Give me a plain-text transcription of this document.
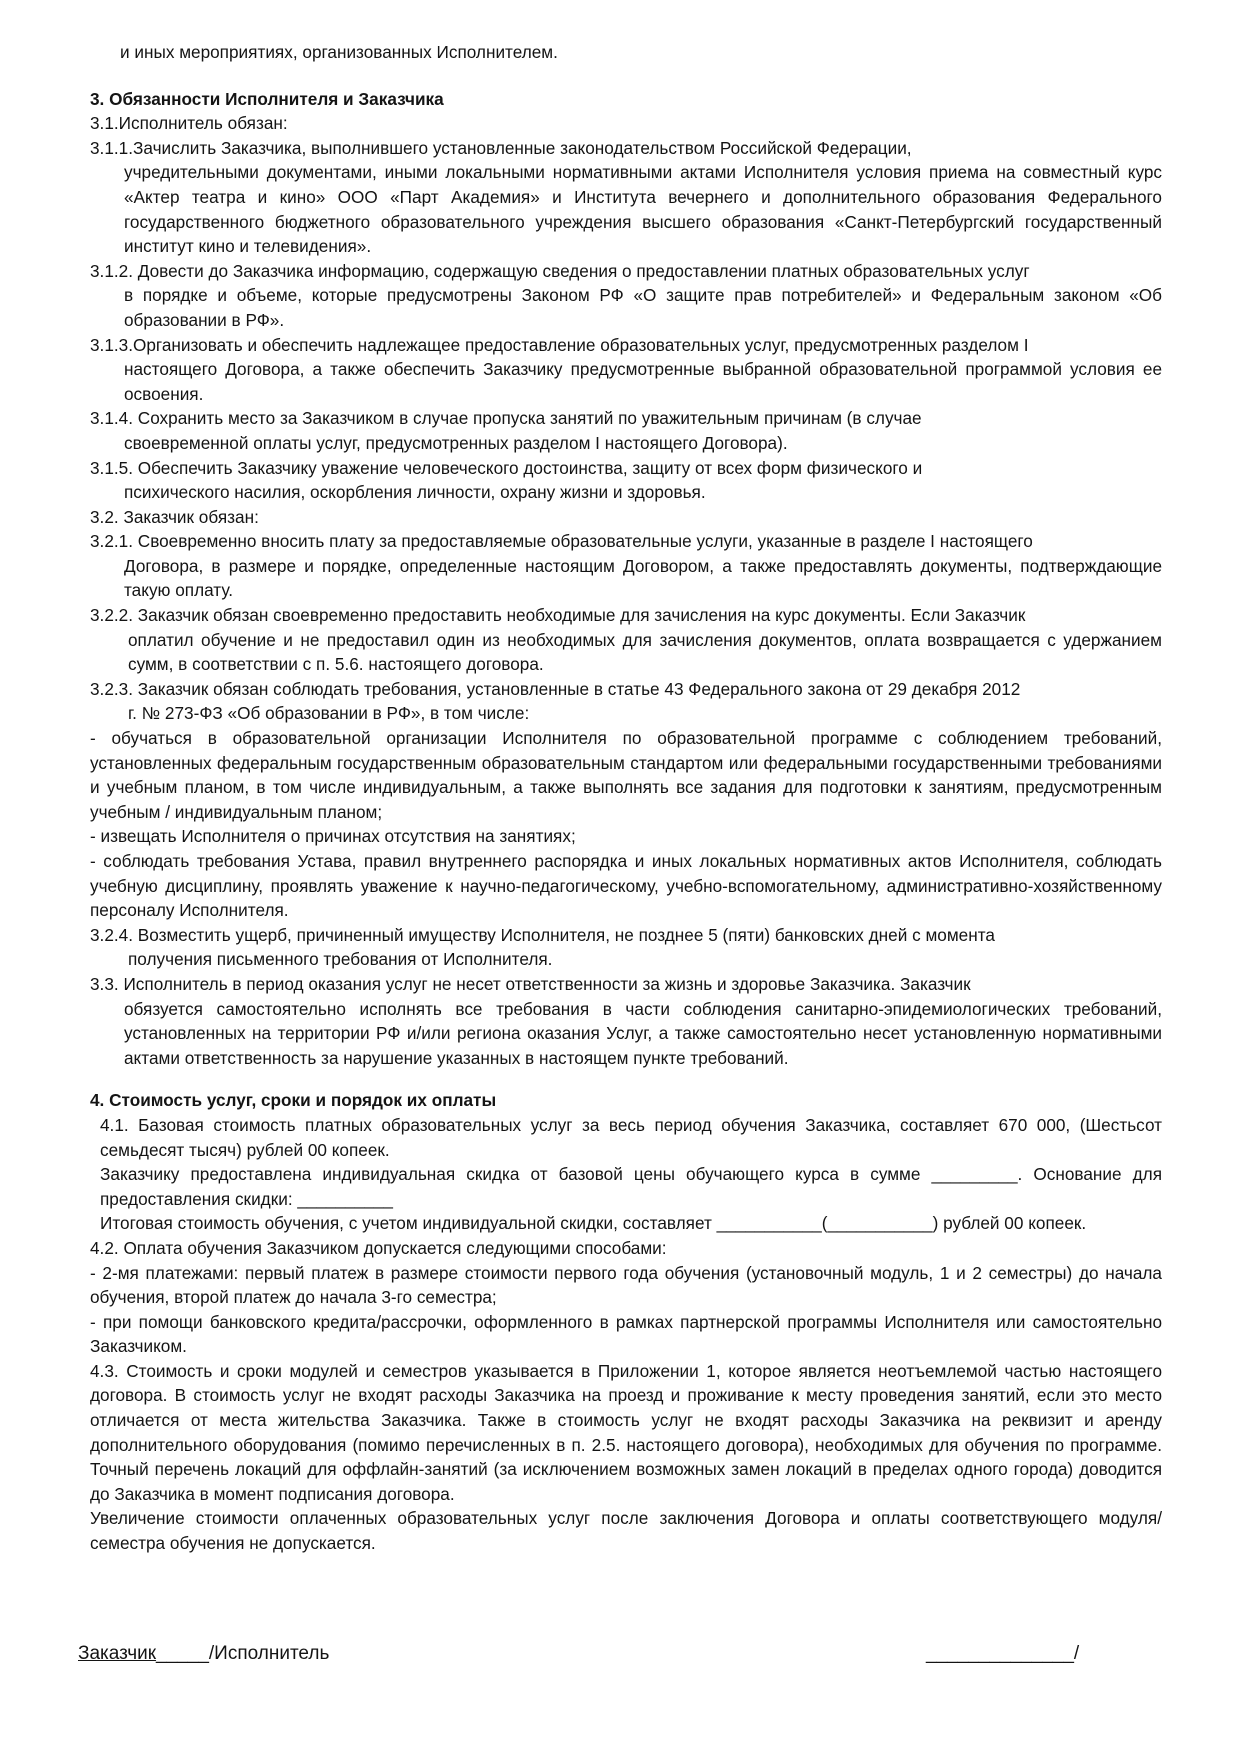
и иных мероприятиях, организованных Исполнителем.

3. Обязанности Исполнителя и Заказчика

3.1.Исполнитель обязан:

3.1.1.Зачислить Заказчика, выполнившего установленные законодательством Российской Федерации,

учредительными документами, иными локальными нормативными актами Исполнителя условия приема на совместный курс «Актер театра и кино» ООО «Парт Академия» и Института вечернего и дополнительного образования Федерального государственного бюджетного образовательного учреждения высшего образования «Санкт-Петербургский государственный институт кино и телевидения».

3.1.2. Довести до Заказчика информацию, содержащую сведения о предоставлении платных образовательных услуг

в порядке и объеме, которые предусмотрены Законом РФ «О защите прав потребителей» и Федеральным законом «Об образовании в РФ».

3.1.3.Организовать и обеспечить надлежащее предоставление образовательных услуг, предусмотренных разделом I

настоящего Договора, а также обеспечить Заказчику предусмотренные выбранной образовательной программой условия ее освоения.

3.1.4. Сохранить место за Заказчиком в случае пропуска занятий по уважительным причинам (в случае

своевременной оплаты услуг, предусмотренных разделом I настоящего Договора).

3.1.5. Обеспечить Заказчику уважение человеческого достоинства, защиту от всех форм физического и

психического насилия, оскорбления личности, охрану жизни и здоровья.

3.2. Заказчик обязан:

3.2.1. Своевременно вносить плату за предоставляемые образовательные услуги, указанные в разделе I настоящего

Договора, в размере и порядке, определенные настоящим Договором, а также предоставлять документы, подтверждающие такую оплату.

3.2.2. Заказчик обязан своевременно предоставить необходимые для зачисления на курс документы. Если Заказчик

оплатил обучение и не предоставил один из необходимых для зачисления документов, оплата возвращается с удержанием сумм, в соответствии с п. 5.6. настоящего договора.

3.2.3. Заказчик обязан соблюдать требования, установленные в статье 43 Федерального закона от 29 декабря 2012

г. № 273-ФЗ «Об образовании в РФ», в том числе:

- обучаться в образовательной организации Исполнителя по образовательной программе с соблюдением требований, установленных федеральным государственным образовательным стандартом или федеральными государственными требованиями и учебным планом, в том числе индивидуальным, а также выполнять все задания для подготовки к занятиям, предусмотренным учебным / индивидуальным планом;

- извещать Исполнителя о причинах отсутствия на занятиях;

- соблюдать требования Устава, правил внутреннего распорядка и иных локальных нормативных актов Исполнителя, соблюдать учебную дисциплину, проявлять уважение к научно-педагогическому, учебно-вспомогательному, административно-хозяйственному персоналу Исполнителя.

3.2.4. Возместить ущерб, причиненный имуществу Исполнителя, не позднее 5 (пяти) банковских дней с момента

получения письменного требования от Исполнителя.

3.3. Исполнитель в период оказания услуг не несет ответственности за жизнь и здоровье Заказчика. Заказчик

обязуется самостоятельно исполнять все требования в части соблюдения санитарно-эпидемиологических требований, установленных на территории РФ и/или региона оказания Услуг, а также самостоятельно несет установленную нормативными актами ответственность за нарушение указанных в настоящем пункте требований.

4. Стоимость услуг, сроки и порядок их оплаты

4.1. Базовая стоимость платных образовательных услуг за весь период обучения Заказчика, составляет 670 000, (Шестьсот семьдесят тысяч) рублей 00 копеек.

Заказчику предоставлена индивидуальная скидка от базовой цены обучающего курса в сумме _________. Основание для предоставления скидки: __________

Итоговая стоимость обучения, с учетом индивидуальной скидки, составляет ___________(___________) рублей 00 копеек.

4.2. Оплата обучения Заказчиком допускается следующими способами:

- 2-мя платежами: первый платеж в размере стоимости первого года обучения (установочный модуль, 1 и 2 семестры) до начала обучения, второй платеж до начала 3-го семестра;

- при помощи банковского кредита/рассрочки, оформленного в рамках партнерской программы Исполнителя или самостоятельно Заказчиком.

4.3. Стоимость и сроки модулей и семестров указывается в Приложении 1, которое является неотъемлемой частью настоящего договора. В стоимость услуг не входят расходы Заказчика на проезд и проживание к месту проведения занятий, если это место отличается от места жительства Заказчика. Также в стоимость услуг не входят расходы Заказчика на реквизит и аренду дополнительного оборудования (помимо перечисленных в п. 2.5. настоящего договора), необходимых для обучения по программе. Точный перечень локаций для оффлайн-занятий (за исключением возможных замен локаций в пределах одного города) доводится до Заказчика в момент подписания договора.

Увеличение стоимости оплаченных образовательных услуг после заключения Договора и оплаты соответствующего модуля/семестра обучения не допускается.

Заказчик_____/Исполнитель	______________/
